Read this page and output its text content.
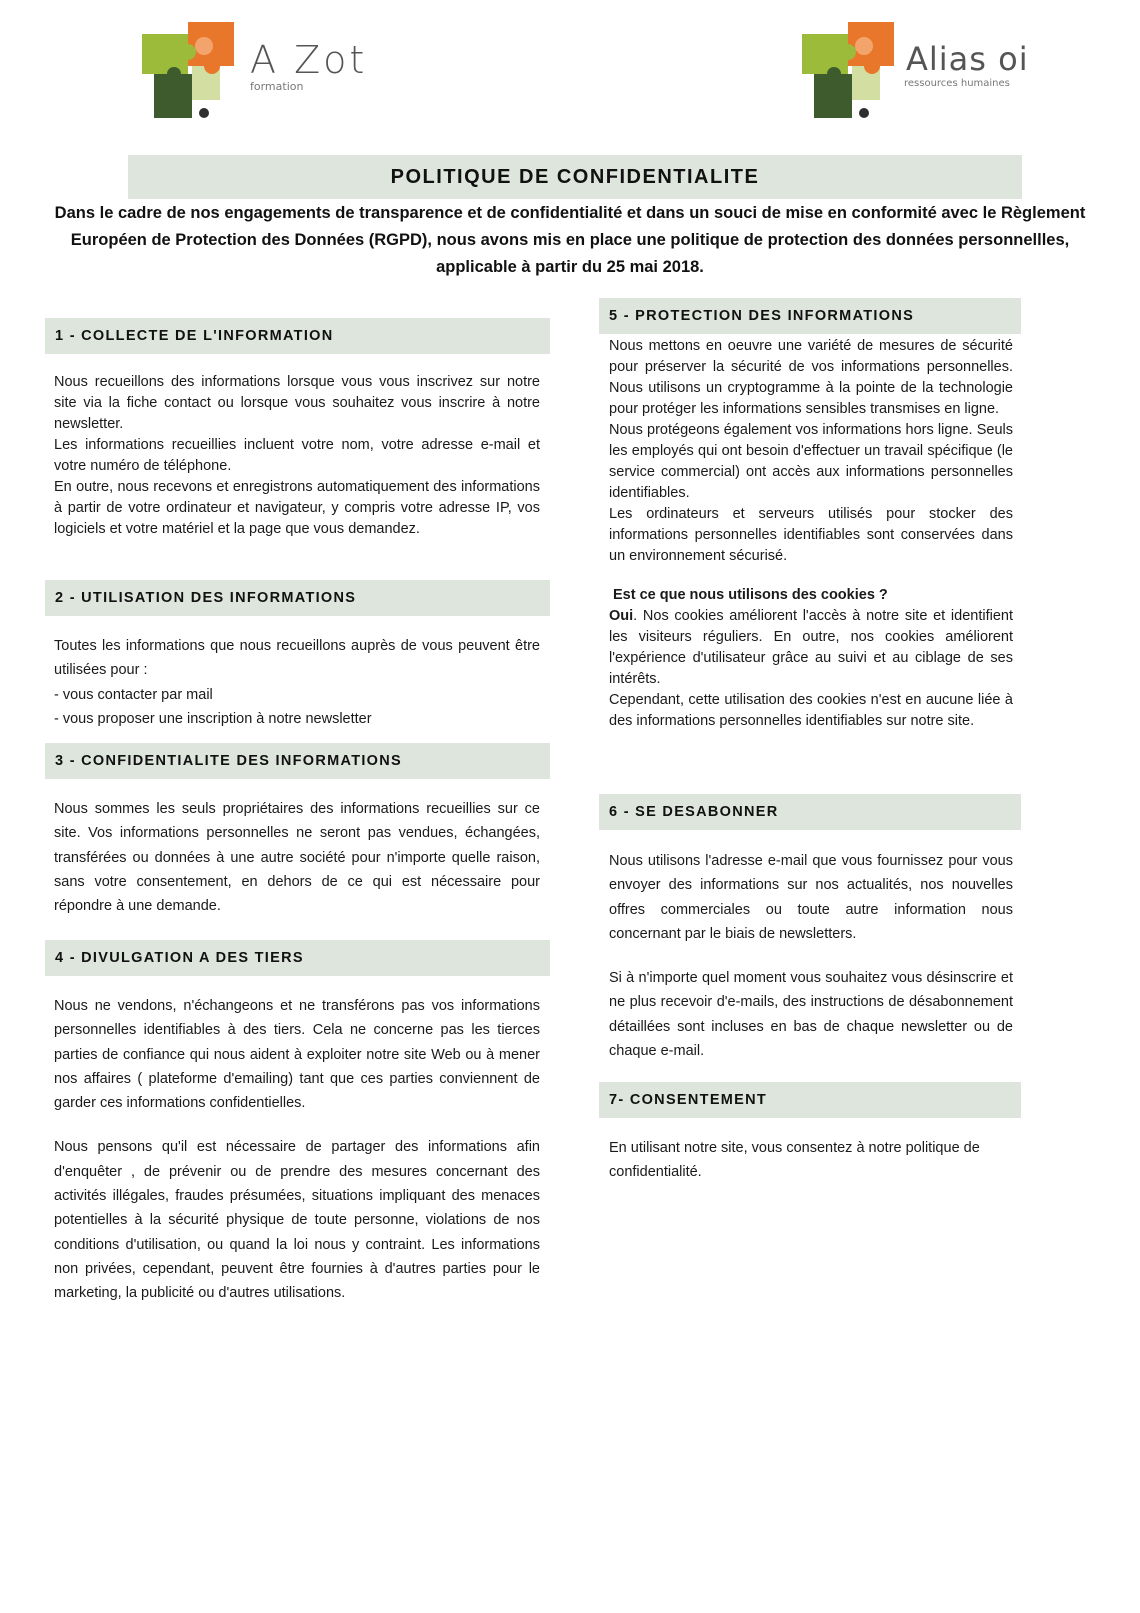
A Zot
formation
Alias oi
ressources humaines
POLITIQUE DE CONFIDENTIALITE
Dans le cadre de nos engagements de transparence et de confidentialité et dans un souci de mise en conformité avec le Règlement Européen de Protection des Données (RGPD), nous avons mis en place une politique de protection des données personnellles, applicable à partir du 25 mai 2018.
1 - COLLECTE DE L'INFORMATION

Nous recueillons des informations lorsque vous vous inscrivez sur notre site via la fiche contact ou lorsque vous souhaitez vous inscrire à notre newsletter.

Les informations recueillies incluent votre nom, votre adresse e-mail et votre numéro de téléphone.

En outre, nous recevons et enregistrons automatiquement des informations à partir de votre ordinateur et navigateur, y compris votre adresse IP, vos logiciels et votre matériel et la page que vous demandez.

2 - UTILISATION DES INFORMATIONS

Toutes les informations que nous recueillons auprès de vous peuvent être utilisées pour :

- vous contacter par mail

- vous proposer une inscription à notre newsletter

3 - CONFIDENTIALITE DES INFORMATIONS

Nous sommes les seuls propriétaires des informations recueillies sur ce site. Vos informations personnelles ne seront pas vendues, échangées, transférées ou données à une autre société pour n'importe quelle raison, sans votre consentement, en dehors de ce qui est nécessaire pour répondre à une demande.

4 - DIVULGATION A DES TIERS

Nous ne vendons, n'échangeons et ne transférons pas vos informations personnelles identifiables à des tiers. Cela ne concerne pas les tierces parties de confiance qui nous aident à exploiter notre site Web ou à mener nos affaires ( plateforme d'emailing) tant que ces parties conviennent de garder ces informations confidentielles.

Nous pensons qu'il est nécessaire de partager des informations afin d'enquêter , de prévenir ou de prendre des mesures concernant des activités illégales, fraudes présumées, situations impliquant des menaces potentielles à la sécurité physique de toute personne, violations de nos conditions d'utilisation, ou quand la loi nous y contraint. Les informations non privées, cependant, peuvent être fournies à d'autres parties pour le marketing, la publicité ou d'autres utilisations.

5 - PROTECTION DES INFORMATIONS

Nous mettons en oeuvre une variété de mesures de sécurité pour préserver la sécurité de vos informations personnelles. Nous utilisons un cryptogramme à la pointe de la technologie pour protéger les informations sensibles transmises en ligne.

Nous protégeons également vos informations hors ligne. Seuls les employés qui ont besoin d'effectuer un travail spécifique (le service commercial) ont accès aux informations personnelles identifiables.

Les ordinateurs et serveurs utilisés pour stocker des informations personnelles identifiables sont conservées dans un environnement sécurisé.

Est ce que nous utilisons des cookies ?

Oui. Nos cookies améliorent l'accès à notre site et identifient les visiteurs réguliers. En outre, nos cookies améliorent l'expérience d'utilisateur grâce au suivi et au ciblage de ses intérêts.

Cependant, cette utilisation des cookies n'est en aucune liée à des informations personnelles identifiables sur notre site.

6 - SE DESABONNER

Nous utilisons l'adresse e-mail que vous fournissez pour vous envoyer des informations sur nos actualités, nos nouvelles offres commerciales ou toute autre information nous concernant par le biais de newsletters.

Si à n'importe quel moment vous souhaitez vous désinscrire et ne plus recevoir d'e-mails, des instructions de désabonnement détaillées sont incluses en bas de chaque newsletter ou de chaque e-mail.

7- CONSENTEMENT

En utilisant notre site, vous consentez à notre politique de confidentialité.
